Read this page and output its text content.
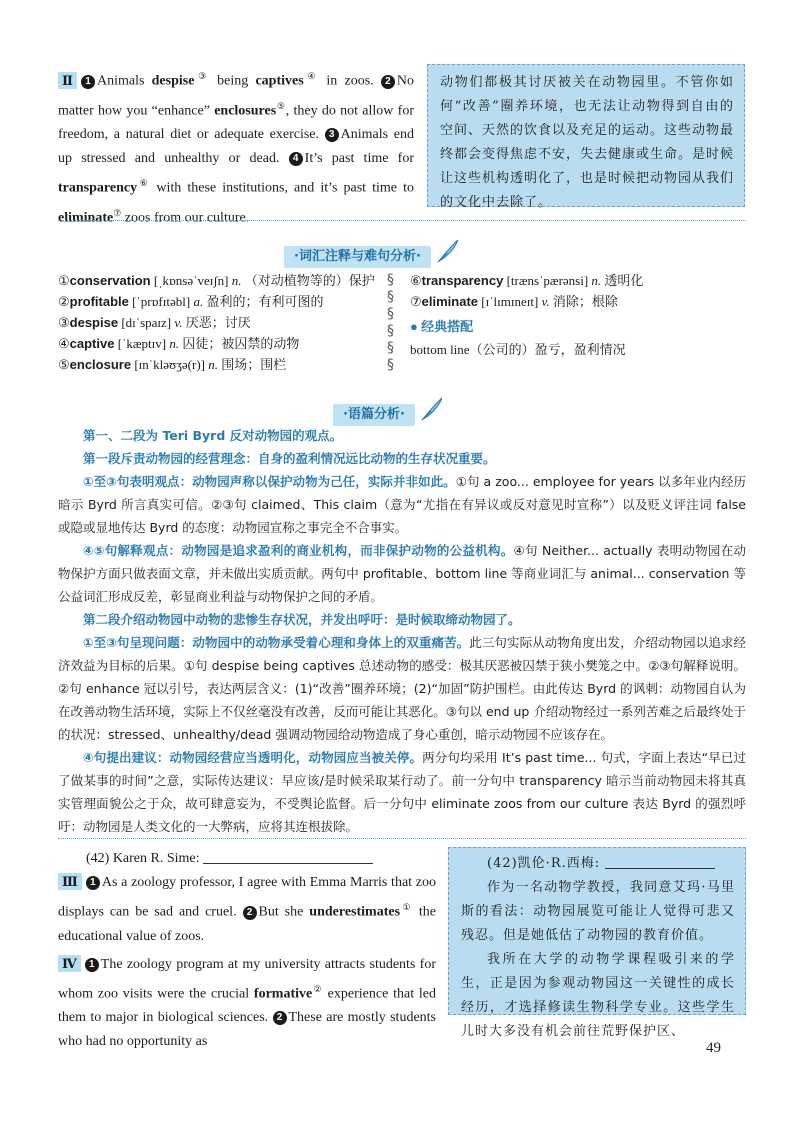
Ⅱ 1 Animals despise③ being captives④ in zoos. 2 No matter how you “enhance” enclosures⑤, they do not allow for freedom, a natural diet or adequate exercise. 3 Animals end up stressed and unhealthy or dead. 4 It’s past time for transparency⑥ with these institutions, and it’s past time to eliminate⑦ zoos from our culture.

动物们都极其讨厌被关在动物园里。不管你如何“改善”圈养环境，也无法让动物得到自由的空间、天然的饮食以及充足的运动。这些动物最终都会变得焦虑不安，失去健康或生命。是时候让这些机构透明化了，也是时候把动物园从我们的文化中去除了。
·词汇注释与难句分析·

①conservation [ˌkɒnsəˈveɪʃn] n. （对动植物等的）保护

②profitable [ˈprɒfɪtəbl] a. 盈利的；有利可图的

③despise [dɪˈspaɪz] v. 厌恶；讨厌

④captive [ˈkæptɪv] n. 囚徒；被囚禁的动物

⑤enclosure [ɪnˈkləʊʒə(r)] n. 围场；围栏

§
§
§
§
§
§

⑥transparency [trænsˈpærənsi] n. 透明化

⑦eliminate [ɪˈlɪmɪneɪt] v. 消除；根除

● 经典搭配

bottom line（公司的）盈亏，盈利情况

·语篇分析·

第一、二段为 Teri Byrd 反对动物园的观点。

第一段斥责动物园的经营理念：自身的盈利情况远比动物的生存状况重要。

①至③句表明观点：动物园声称以保护动物为己任，实际并非如此。①句 a zoo... employee for years 以多年业内经历暗示 Byrd 所言真实可信。②③句 claimed、This claim（意为“尤指在有异议或反对意见时宣称”）以及贬义评注词 false 或隐或显地传达 Byrd 的态度：动物园宣称之事完全不合事实。

④⑤句解释观点：动物园是追求盈利的商业机构，而非保护动物的公益机构。④句 Neither... actually 表明动物园在动物保护方面只做表面文章，并未做出实质贡献。两句中 profitable、bottom line 等商业词汇与 animal... conservation 等公益词汇形成反差，彰显商业利益与动物保护之间的矛盾。

第二段介绍动物园中动物的悲惨生存状况，并发出呼吁：是时候取缔动物园了。

①至③句呈现问题：动物园中的动物承受着心理和身体上的双重痛苦。此三句实际从动物角度出发，介绍动物园以追求经济效益为目标的后果。①句 despise being captives 总述动物的感受：极其厌恶被囚禁于狭小樊笼之中。②③句解释说明。②句 enhance 冠以引号，表达两层含义：(1)“改善”圈养环境；(2)“加固”防护围栏。由此传达 Byrd 的讽刺：动物园自认为在改善动物生活环境，实际上不仅丝毫没有改善，反而可能让其恶化。③句以 end up 介绍动物经过一系列苦难之后最终处于的状况：stressed、unhealthy/dead 强调动物园给动物造成了身心重创，暗示动物园不应该存在。

④句提出建议：动物园经营应当透明化，动物园应当被关停。两分句均采用 It’s past time... 句式，字面上表达“早已过了做某事的时间”之意，实际传达建议：早应该/是时候采取某行动了。前一分句中 transparency 暗示当前动物园未将其真实管理面貌公之于众，故可肆意妄为，不受舆论监督。后一分句中 eliminate zoos from our culture 表达 Byrd 的强烈呼吁：动物园是人类文化的一大弊病，应将其连根拔除。

(42) Karen R. Sime:

Ⅲ 1 As a zoology professor, I agree with Emma Marris that zoo displays can be sad and cruel. 2 But she underestimates① the educational value of zoos.

Ⅳ 1 The zoology program at my university attracts students for whom zoo visits were the crucial formative② experience that led them to major in biological sciences. 2 These are mostly students who had no opportunity as

(42)凯伦·R.西梅:
作为一名动物学教授，我同意艾玛·马里斯的看法：动物园展览可能让人觉得可悲又残忍。但是她低估了动物园的教育价值。
我所在大学的动物学课程吸引来的学生，正是因为参观动物园这一关键性的成长经历，才选择修读生物科学专业。这些学生儿时大多没有机会前往荒野保护区、
49
